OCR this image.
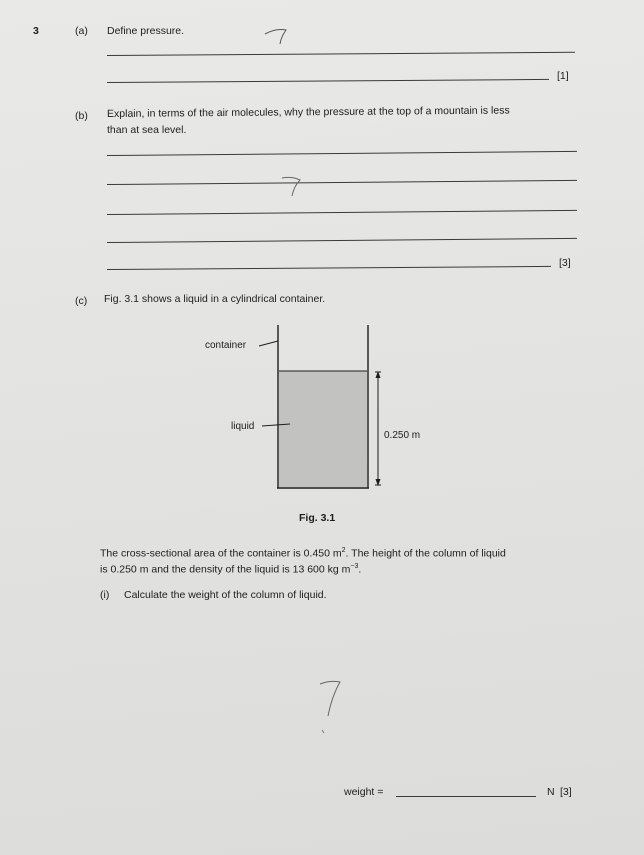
3	(a) Define pressure.
[1]
(b) Explain, in terms of the air molecules, why the pressure at the top of a mountain is less
than at sea level.
[3]
(c) Fig. 3.1 shows a liquid in a cylindrical container.
container
liquid
0.250 m
Fig. 3.1
The cross-sectional area of the container is 0.450 $m^2$. The height of the column of liquid
is 0.250 m and the density of the liquid is 13 600 kg $m^{-3}$.
(i) Calculate the weight of the column of liquid.
weight =	N [3]
